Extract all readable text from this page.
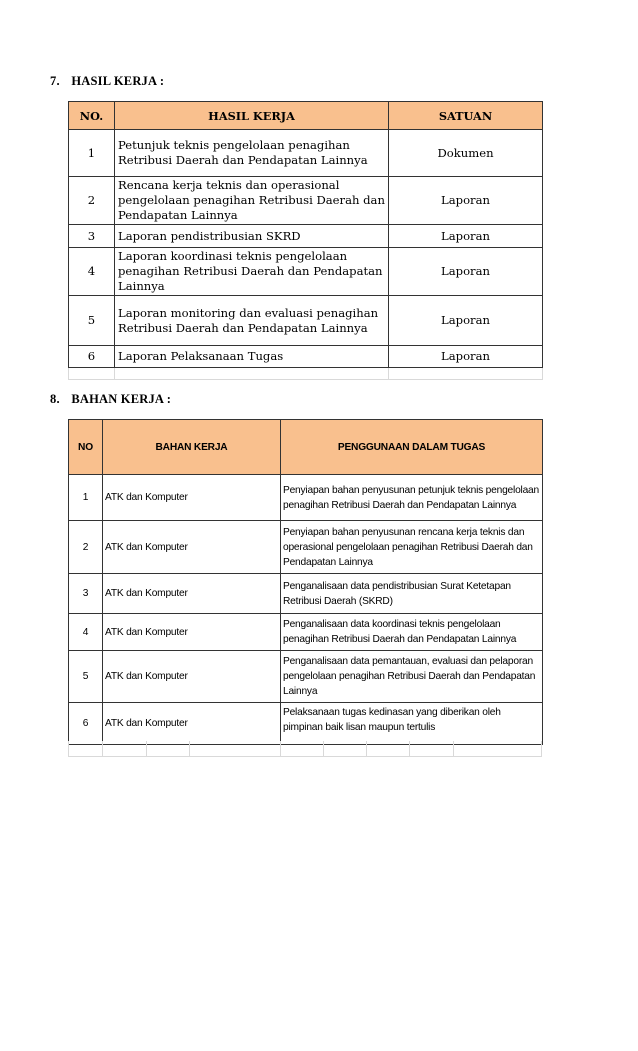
7. HASIL KERJA :
NO.	HASIL KERJA	SATUAN
1	Petunjuk teknis pengelolaan penagihan Retribusi Daerah dan Pendapatan Lainnya	Dokumen
2	Rencana kerja teknis dan operasional pengelolaan penagihan Retribusi Daerah dan Pendapatan Lainnya	Laporan
3	Laporan pendistribusian SKRD	Laporan
4	Laporan koordinasi teknis pengelolaan penagihan Retribusi Daerah dan Pendapatan Lainnya	Laporan
5	Laporan monitoring dan evaluasi penagihan Retribusi Daerah dan Pendapatan Lainnya	Laporan
6	Laporan Pelaksanaan Tugas	Laporan

8. BAHAN KERJA :
NO	BAHAN KERJA	PENGGUNAAN DALAM TUGAS
1	ATK dan Komputer	Penyiapan bahan penyusunan petunjuk teknis pengelolaan penagihan Retribusi Daerah dan Pendapatan Lainnya
2	ATK dan Komputer	Penyiapan bahan penyusunan rencana kerja teknis dan operasional pengelolaan penagihan Retribusi Daerah dan Pendapatan Lainnya
3	ATK dan Komputer	Penganalisaan data pendistribusian Surat Ketetapan Retribusi Daerah (SKRD)
4	ATK dan Komputer	Penganalisaan data koordinasi teknis pengelolaan penagihan Retribusi Daerah dan Pendapatan Lainnya
5	ATK dan Komputer	Penganalisaan data pemantauan, evaluasi dan pelaporan pengelolaan penagihan Retribusi Daerah dan Pendapatan Lainnya
6	ATK dan Komputer	Pelaksanaan tugas kedinasan yang diberikan oleh pimpinan baik lisan maupun tertulis
